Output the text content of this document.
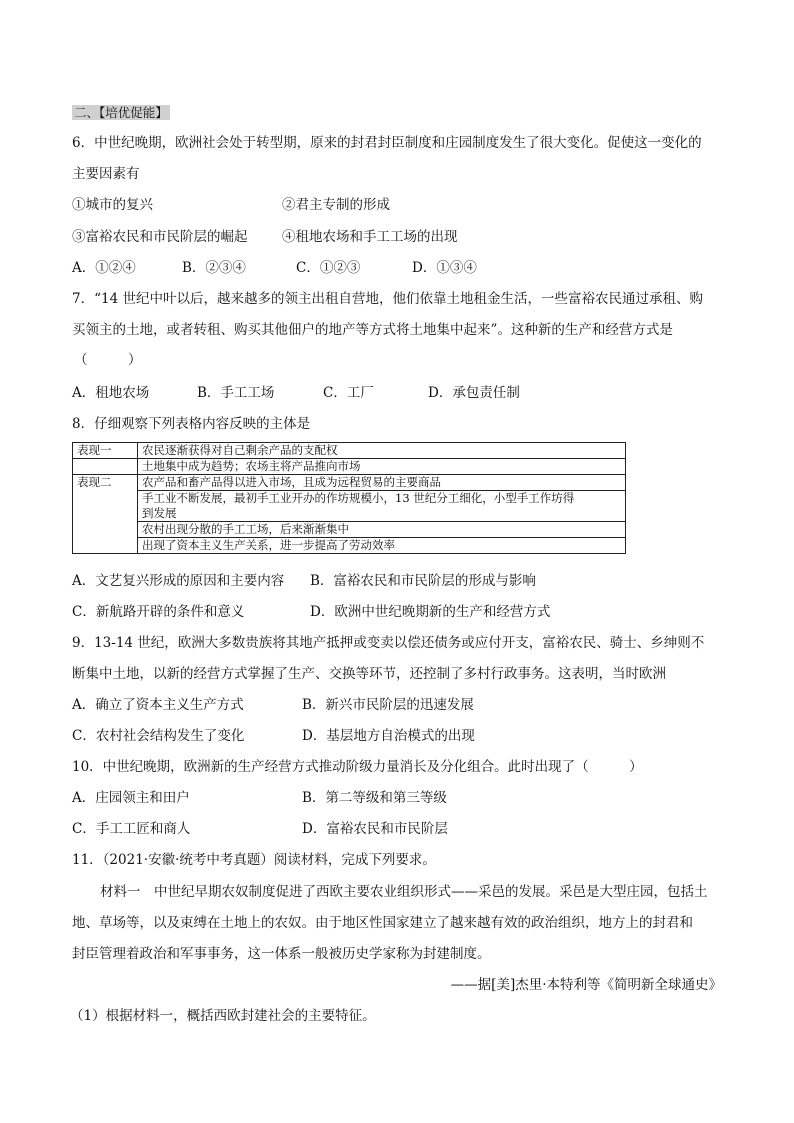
二、【培优促能】
6．中世纪晚期，欧洲社会处于转型期，原来的封君封臣制度和庄园制度发生了很大变化。促使这一变化的
主要因素有
①城市的复兴	②君主专制的形成
③富裕农民和市民阶层的崛起	④租地农场和手工工场的出现
A．①②④	B．②③④	C．①②③	D．①③④
7．“14 世纪中叶以后，越来越多的领主出租自营地，他们依靠土地租金生活，一些富裕农民通过承租、购
买领主的土地，或者转租、购买其他佃户的地产等方式将土地集中起来”。这种新的生产和经营方式是
（　　　）
A．租地农场	B．手工工场	C．工厂	D．承包责任制
8．仔细观察下列表格内容反映的主体是
表现一	农民逐渐获得对自己剩余产品的支配权
	土地集中成为趋势；农场主将产品推向市场
表现二	农产品和畜产品得以进入市场，且成为远程贸易的主要商品

	手工业不断发展，最初手工业开办的作坊规模小，13 世纪分工细化，小型手工作坊得
到发展

	农村出现分散的手工工场，后来渐渐集中
	出现了资本主义生产关系，进一步提高了劳动效率
A．文艺复兴形成的原因和主要内容 B．富裕农民和市民阶层的形成与影响
C．新航路开辟的条件和意义	D．欧洲中世纪晚期新的生产和经营方式
9．13-14 世纪，欧洲大多数贵族将其地产抵押或变卖以偿还债务或应付开支，富裕农民、骑士、乡绅则不
断集中土地，以新的经营方式掌握了生产、交换等环节，还控制了多村行政事务。这表明，当时欧洲
A．确立了资本主义生产方式	B．新兴市民阶层的迅速发展
C．农村社会结构发生了变化	D．基层地方自治模式的出现
10．中世纪晚期，欧洲新的生产经营方式推动阶级力量消长及分化组合。此时出现了（　　　）
A．庄园领主和田户	B．第二等级和第三等级
C．手工工匠和商人	D．富裕农民和市民阶层
11．（2021·安徽·统考中考真题）阅读材料，完成下列要求。
材料一　中世纪早期农奴制度促进了西欧主要农业组织形式——采邑的发展。采邑是大型庄园，包括土
地、草场等，以及束缚在土地上的农奴。由于地区性国家建立了越来越有效的政治组织，地方上的封君和
封臣管理着政治和军事事务，这一体系一般被历史学家称为封建制度。
——据[美]杰里·本特利等《简明新全球通史》
（1）根据材料一，概括西欧封建社会的主要特征。
